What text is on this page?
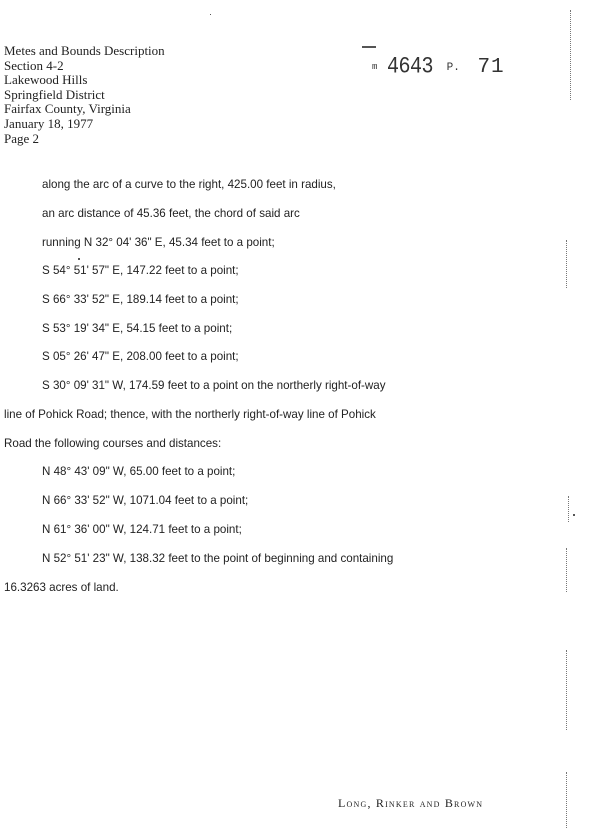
Metes and Bounds Description
Section 4-2
Lakewood Hills
Springfield District
Fairfax County, Virginia
January 18, 1977
Page 2
m 4643 P. 71
along the arc of a curve to the right, 425.00 feet in radius,
an arc distance of 45.36 feet, the chord of said arc
running N 32° 04' 36" E, 45.34 feet to a point;
S 54° 51' 57" E, 147.22 feet to a point;
S 66° 33' 52" E, 189.14 feet to a point;
S 53° 19' 34" E, 54.15 feet to a point;
S 05° 26' 47" E, 208.00 feet to a point;
S 30° 09' 31" W, 174.59 feet to a point on the northerly right-of-way
line of Pohick Road; thence, with the northerly right-of-way line of Pohick
Road the following courses and distances:
N 48° 43' 09" W, 65.00 feet to a point;
N 66° 33' 52" W, 1071.04 feet to a point;
N 61° 36' 00" W, 124.71 feet to a point;
N 52° 51' 23" W, 138.32 feet to the point of beginning and containing
16.3263 acres of land.
Long, Rinker and Brown
